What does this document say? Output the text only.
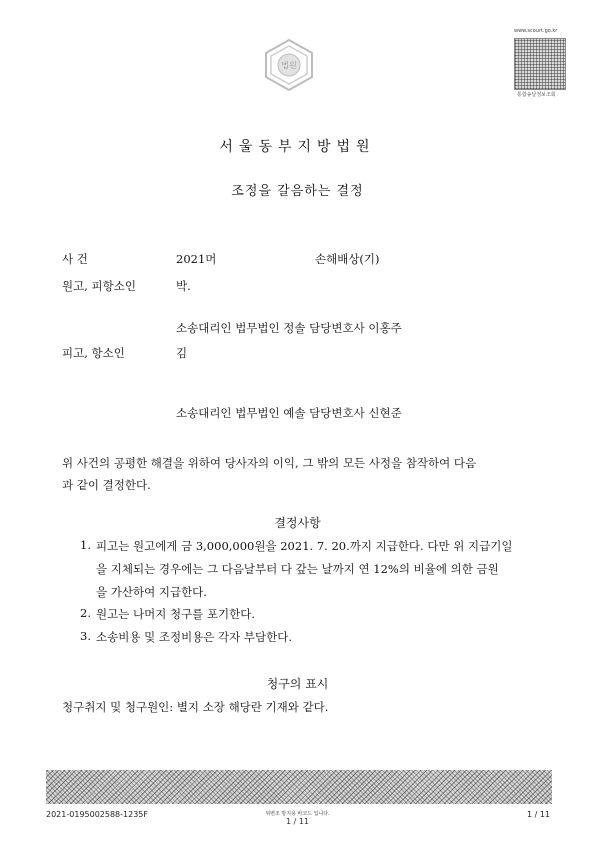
법원
www.scourt.go.kr
통합송달정보조회
서울동부지방법원
조정을 갈음하는 결정
사 건	2021머	손해배상(기)
원고, 피항소인	박.
소송대리인 법무법인 정솔 담당변호사 이홍주
피고, 항소인	김
소송대리인 법무법인 예솔 담당변호사 신현준
위 사건의 공평한 해결을 위하여 당사자의 이익, 그 밖의 모든 사정을 참작하여 다음
과 같이 결정한다.
결정사항
1. 피고는 원고에게 금 3,000,000원을 2021. 7. 20.까지 지급한다. 다만 위 지급기일
을 지체되는 경우에는 그 다음날부터 다 갚는 날까지 연 12%의 비율에 의한 금원
을 가산하여 지급한다.
2. 원고는 나머지 청구를 포기한다.
3. 소송비용 및 조정비용은 각자 부담한다.
청구의 표시
청구취지 및 청구원인: 별지 소장 해당란 기재와 같다.
2021-0195002588-1235F	위변조 방지용 바코드 입니다.
1 / 11
1 / 11
